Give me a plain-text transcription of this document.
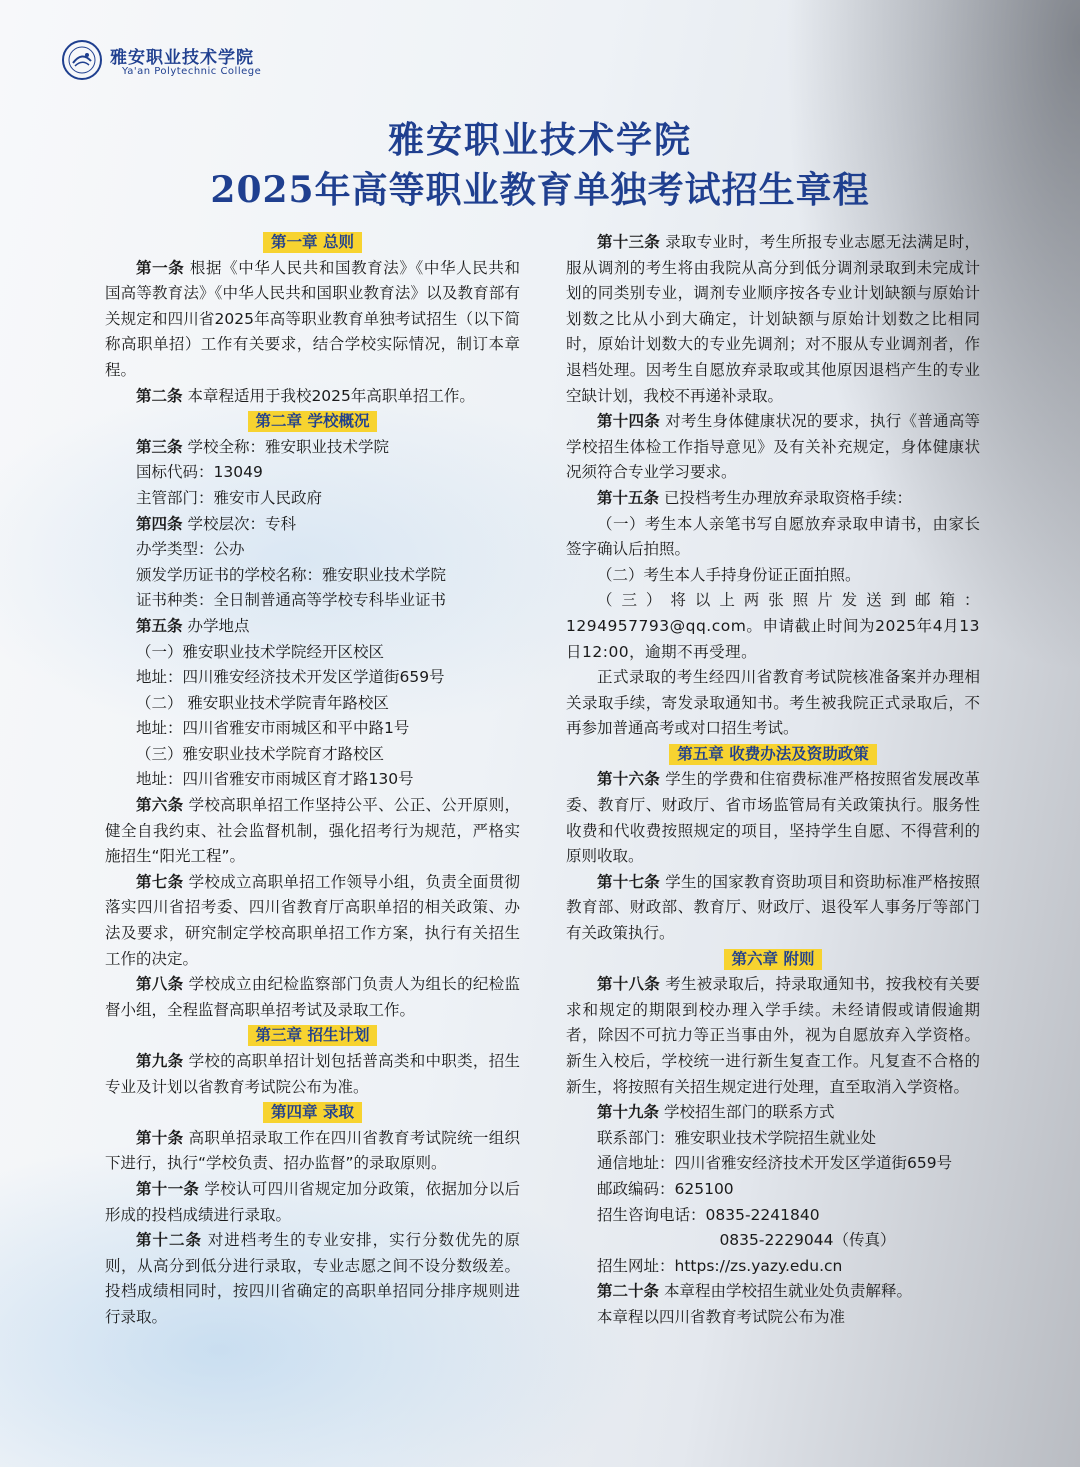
雅安职业技术学院
Ya'an Polytechnic College
雅安职业技术学院
2025年高等职业教育单独考试招生章程

第一章 总则

第一条 根据《中华人民共和国教育法》《中华人民共和国高等教育法》《中华人民共和国职业教育法》以及教育部有关规定和四川省2025年高等职业教育单独考试招生（以下简称高职单招）工作有关要求，结合学校实际情况，制订本章程。

第二条 本章程适用于我校2025年高职单招工作。

第二章 学校概况

第三条 学校全称：雅安职业技术学院

国标代码：13049

主管部门：雅安市人民政府

第四条 学校层次：专科

办学类型：公办

颁发学历证书的学校名称：雅安职业技术学院

证书种类：全日制普通高等学校专科毕业证书

第五条 办学地点

（一）雅安职业技术学院经开区校区

地址：四川雅安经济技术开发区学道街659号

（二） 雅安职业技术学院青年路校区

地址：四川省雅安市雨城区和平中路1号

（三）雅安职业技术学院育才路校区

地址：四川省雅安市雨城区育才路130号

第六条 学校高职单招工作坚持公平、公正、公开原则，健全自我约束、社会监督机制，强化招考行为规范，严格实施招生“阳光工程”。

第七条 学校成立高职单招工作领导小组，负责全面贯彻落实四川省招考委、四川省教育厅高职单招的相关政策、办法及要求，研究制定学校高职单招工作方案，执行有关招生工作的决定。

第八条 学校成立由纪检监察部门负责人为组长的纪检监督小组，全程监督高职单招考试及录取工作。

第三章 招生计划

第九条 学校的高职单招计划包括普高类和中职类，招生专业及计划以省教育考试院公布为准。

第四章 录取

第十条 高职单招录取工作在四川省教育考试院统一组织下进行，执行“学校负责、招办监督”的录取原则。

第十一条 学校认可四川省规定加分政策，依据加分以后形成的投档成绩进行录取。

第十二条 对进档考生的专业安排，实行分数优先的原则，从高分到低分进行录取，专业志愿之间不设分数级差。投档成绩相同时，按四川省确定的高职单招同分排序规则进行录取。

第十三条 录取专业时，考生所报专业志愿无法满足时，服从调剂的考生将由我院从高分到低分调剂录取到未完成计划的同类别专业，调剂专业顺序按各专业计划缺额与原始计划数之比从小到大确定，计划缺额与原始计划数之比相同时，原始计划数大的专业先调剂；对不服从专业调剂者，作退档处理。因考生自愿放弃录取或其他原因退档产生的专业空缺计划，我校不再递补录取。

第十四条 对考生身体健康状况的要求，执行《普通高等学校招生体检工作指导意见》及有关补充规定，身体健康状况须符合专业学习要求。

第十五条 已投档考生办理放弃录取资格手续：

（一）考生本人亲笔书写自愿放弃录取申请书，由家长签字确认后拍照。

（二）考生本人手持身份证正面拍照。

（三）将以上两张照片发送到邮箱：1294957793@qq.com。申请截止时间为2025年4月13日12:00，逾期不再受理。

正式录取的考生经四川省教育考试院核准备案并办理相关录取手续，寄发录取通知书。考生被我院正式录取后，不再参加普通高考或对口招生考试。

第五章 收费办法及资助政策

第十六条 学生的学费和住宿费标准严格按照省发展改革委、教育厅、财政厅、省市场监管局有关政策执行。服务性收费和代收费按照规定的项目，坚持学生自愿、不得营利的原则收取。

第十七条 学生的国家教育资助项目和资助标准严格按照教育部、财政部、教育厅、财政厅、退役军人事务厅等部门有关政策执行。

第六章 附则

第十八条 考生被录取后，持录取通知书，按我校有关要求和规定的期限到校办理入学手续。未经请假或请假逾期者，除因不可抗力等正当事由外，视为自愿放弃入学资格。新生入校后，学校统一进行新生复查工作。凡复查不合格的新生，将按照有关招生规定进行处理，直至取消入学资格。

第十九条 学校招生部门的联系方式

联系部门：雅安职业技术学院招生就业处

通信地址：四川省雅安经济技术开发区学道街659号

邮政编码：625100

招生咨询电话：0835-2241840

0835-2229044（传真）

招生网址：https://zs.yazy.edu.cn

第二十条 本章程由学校招生就业处负责解释。

本章程以四川省教育考试院公布为准
